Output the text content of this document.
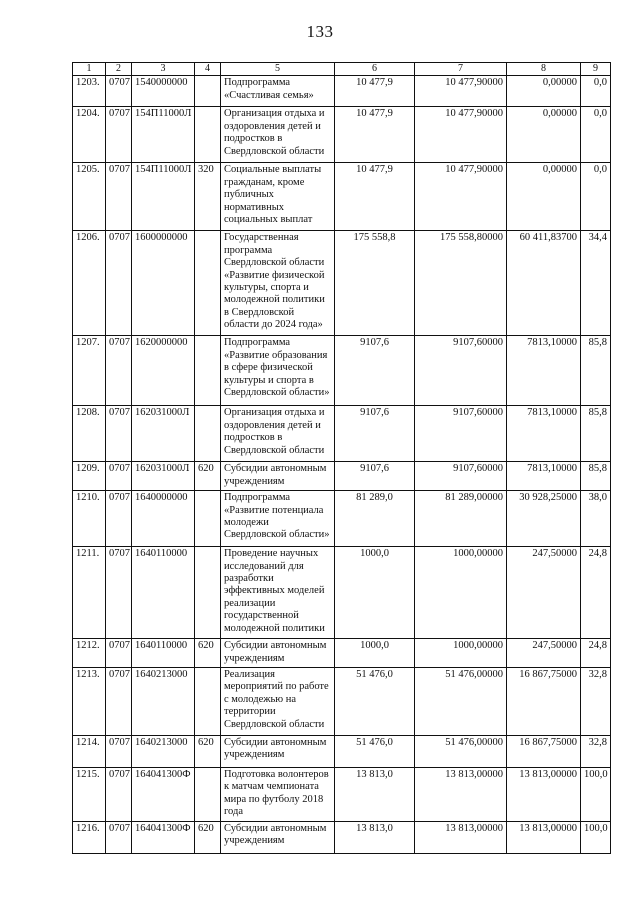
133
1	2	3	4	5	6	7	8	9
1203.	0707	1540000000		Подпрограмма «Счастливая семья»	10 477,9	10 477,90000	0,00000	0,0
1204.	0707	154П11000Л		Организация отдыха и оздоровления детей и подростков в Свердловской области	10 477,9	10 477,90000	0,00000	0,0
1205.	0707	154П11000Л	320	Социальные выплаты гражданам, кроме публичных нормативных социальных выплат	10 477,9	10 477,90000	0,00000	0,0
1206.	0707	1600000000		Государственная программа Свердловской области «Развитие физической культуры, спорта и молодежной политики в Свердловской области до 2024 года»	175 558,8	175 558,80000	60 411,83700	34,4
1207.	0707	1620000000		Подпрограмма «Развитие образования в сфере физической культуры и спорта в Свердловской области»	9107,6	9107,60000	7813,10000	85,8
1208.	0707	162031000Л		Организация отдыха и оздоровления детей и подростков в Свердловской области	9107,6	9107,60000	7813,10000	85,8
1209.	0707	162031000Л	620	Субсидии автономным учреждениям	9107,6	9107,60000	7813,10000	85,8
1210.	0707	1640000000		Подпрограмма «Развитие потенциала молодежи Свердловской области»	81 289,0	81 289,00000	30 928,25000	38,0
1211.	0707	1640110000		Проведение научных исследований для разработки эффективных моделей реализации государственной молодежной политики	1000,0	1000,00000	247,50000	24,8
1212.	0707	1640110000	620	Субсидии автономным учреждениям	1000,0	1000,00000	247,50000	24,8
1213.	0707	1640213000		Реализация мероприятий по работе с молодежью на территории Свердловской области	51 476,0	51 476,00000	16 867,75000	32,8
1214.	0707	1640213000	620	Субсидии автономным учреждениям	51 476,0	51 476,00000	16 867,75000	32,8
1215.	0707	164041300Ф		Подготовка волонтеров к матчам чемпионата мира по футболу 2018 года	13 813,0	13 813,00000	13 813,00000	100,0
1216.	0707	164041300Ф	620	Субсидии автономным учреждениям	13 813,0	13 813,00000	13 813,00000	100,0
